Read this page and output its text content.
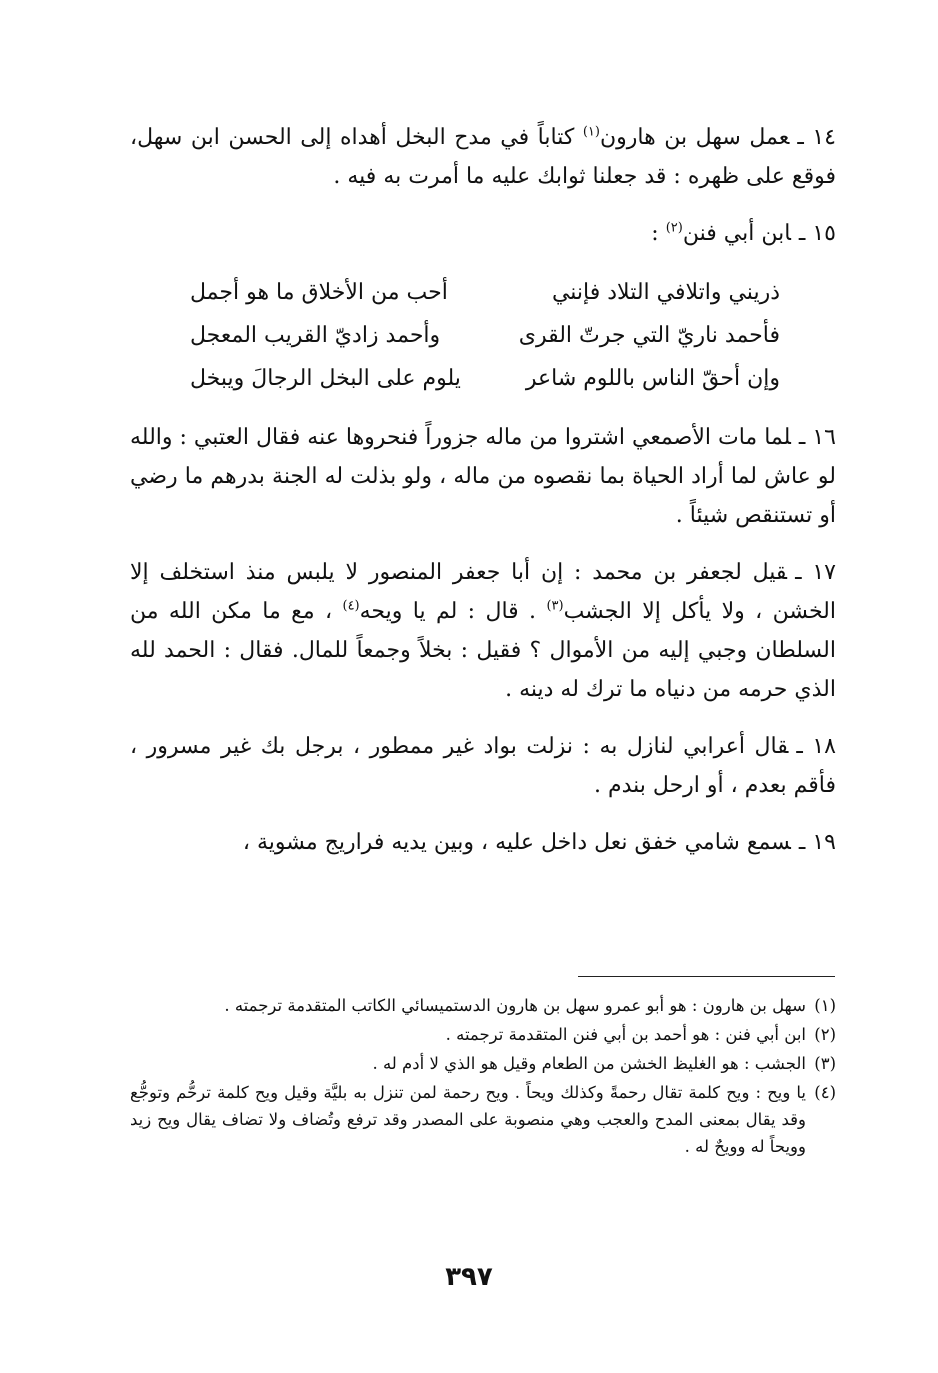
١٤ ـعمل سهل بن هارون$^{(١)}$ كتاباً في مدح البخل أهداه إلى الحسن ابن سهل، فوقع على ظهره : قد جعلنا ثوابك عليه ما أمرت به فيه .

١٥ ـابن أبي فنن$^{(٢)}$ :

ذريني واتلافي التلاد فإنني
أحب من الأخلاق ما هو أجمل
فأحمد ناريّ التي جرتّ القرى
وأحمد زاديّ القريب المعجل
وإن أحقّ الناس باللوم شاعر
يلوم على البخل الرجالَ ويبخل

١٦ ـلما مات الأصمعي اشتروا من ماله جزوراً فنحروها عنه فقال العتبي : والله لو عاش لما أراد الحياة بما نقصوه من ماله ، ولو بذلت له الجنة بدرهم ما رضي أو تستنقص شيئاً .

١٧ ـقيل لجعفر بن محمد : إن أبا جعفر المنصور لا يلبس منذ استخلف إلا الخشن ، ولا يأكل إلا الجشب$^{(٣)}$ . قال : لم يا ويحه$^{(٤)}$ ، مع ما مكن الله من السلطان وجبي إليه من الأموال ؟ فقيل : بخلاً وجمعاً للمال. فقال : الحمد لله الذي حرمه من دنياه ما ترك له دينه .

١٨ ـقال أعرابي لنازل به : نزلت بواد غير ممطور ، برجل بك غير مسرور ، فأقم بعدم ، أو ارحل بندم .

١٩ ـسمع شامي خفق نعل داخل عليه ، وبين يديه فراريج مشوية ،

(١)
سهل بن هارون : هو أبو عمرو سهل بن هارون الدستميسائي الكاتب المتقدمة ترجمته .
(٢)
ابن أبي فنن : هو أحمد بن أبي فنن المتقدمة ترجمته .
(٣)
الجشب : هو الغليظ الخشن من الطعام وقيل هو الذي لا أدم له .
(٤)
يا ويح : ويح كلمة تقال رحمةً وكذلك ويحاً . ويح رحمة لمن تنزل به بليَّة وقيل ويح كلمة ترحُّم وتوجُّع وقد يقال بمعنى المدح والعجب وهي منصوبة على المصدر وقد ترفع وتُضاف ولا تضاف يقال ويح زيد وويحاً له وويحٌ له .
٣٩٧
